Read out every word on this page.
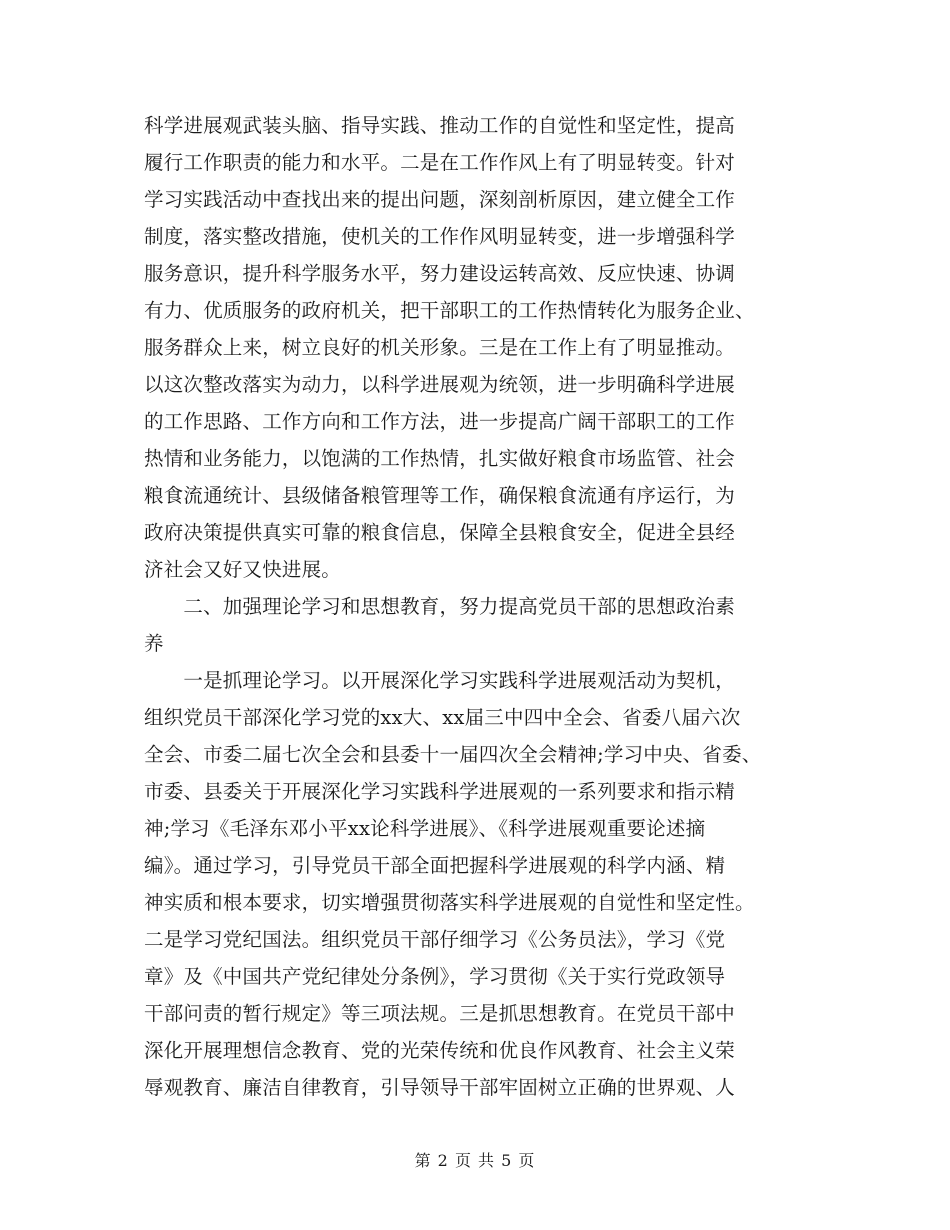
科学进展观武装头脑、指导实践、推动工作的自觉性和坚定性，提高
履行工作职责的能力和水平。二是在工作作风上有了明显转变。针对
学习实践活动中查找出来的提出问题，深刻剖析原因，建立健全工作
制度，落实整改措施，使机关的工作作风明显转变，进一步增强科学
服务意识，提升科学服务水平，努力建设运转高效、反应快速、协调
有力、优质服务的政府机关，把干部职工的工作热情转化为服务企业、
服务群众上来，树立良好的机关形象。三是在工作上有了明显推动。
以这次整改落实为动力，以科学进展观为统领，进一步明确科学进展
的工作思路、工作方向和工作方法，进一步提高广阔干部职工的工作
热情和业务能力，以饱满的工作热情，扎实做好粮食市场监管、社会
粮食流通统计、县级储备粮管理等工作，确保粮食流通有序运行，为
政府决策提供真实可靠的粮食信息，保障全县粮食安全，促进全县经
济社会又好又快进展。
　　二、加强理论学习和思想教育，努力提高党员干部的思想政治素
养
　　一是抓理论学习。以开展深化学习实践科学进展观活动为契机，
组织党员干部深化学习党的xx大、xx届三中四中全会、省委八届六次
全会、市委二届七次全会和县委十一届四次全会精神;学习中央、省委、
市委、县委关于开展深化学习实践科学进展观的一系列要求和指示精
神;学习《毛泽东邓小平xx论科学进展》、《科学进展观重要论述摘
编》。通过学习，引导党员干部全面把握科学进展观的科学内涵、精
神实质和根本要求，切实增强贯彻落实科学进展观的自觉性和坚定性。
二是学习党纪国法。组织党员干部仔细学习《公务员法》，学习《党
章》及《中国共产党纪律处分条例》，学习贯彻《关于实行党政领导
干部问责的暂行规定》等三项法规。三是抓思想教育。在党员干部中
深化开展理想信念教育、党的光荣传统和优良作风教育、社会主义荣
辱观教育、廉洁自律教育，引导领导干部牢固树立正确的世界观、人
第 2 页 共 5 页
